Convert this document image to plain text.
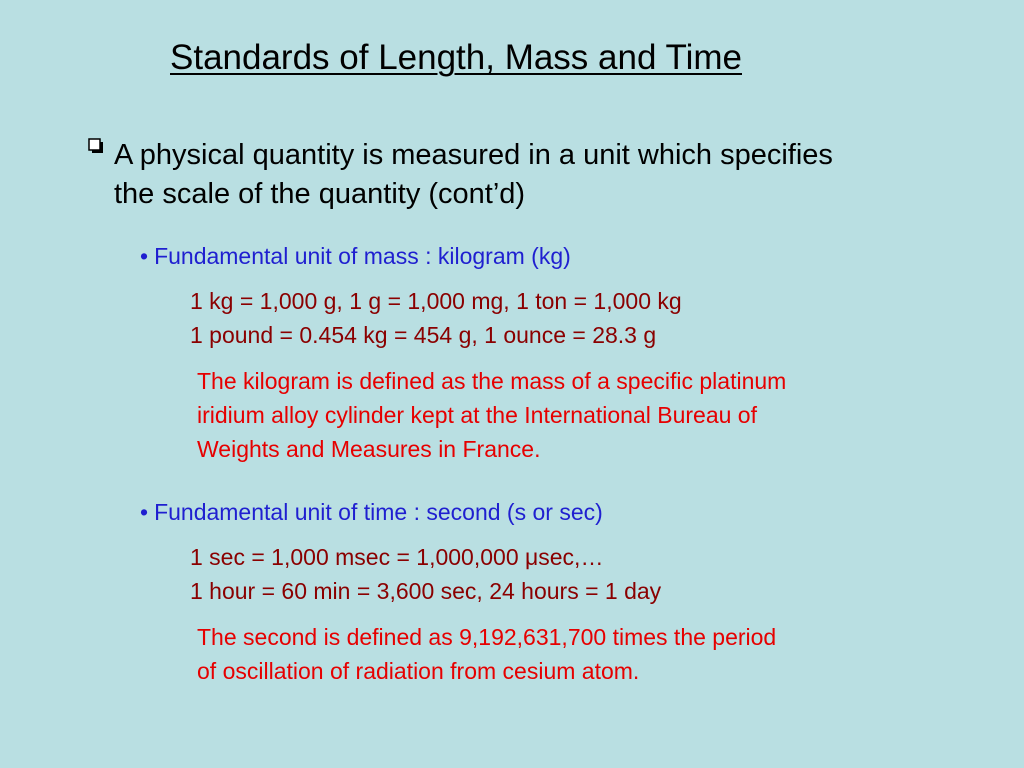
Standards of Length, Mass and Time
A physical quantity is measured in a unit which specifies
the scale of the quantity (cont’d)
• Fundamental unit of mass : kilogram (kg)
1 kg = 1,000 g, 1 g = 1,000 mg, 1 ton = 1,000 kg
1 pound = 0.454 kg = 454 g, 1 ounce = 28.3 g
The kilogram is defined as the mass of a specific platinum
iridium alloy cylinder kept at the International Bureau of
Weights and Measures in France.
• Fundamental unit of time : second (s or sec)
1 sec = 1,000 msec = 1,000,000 μsec,…
1 hour = 60 min = 3,600 sec, 24 hours = 1 day
The second is defined as 9,192,631,700 times the period
of oscillation of radiation from cesium atom.
